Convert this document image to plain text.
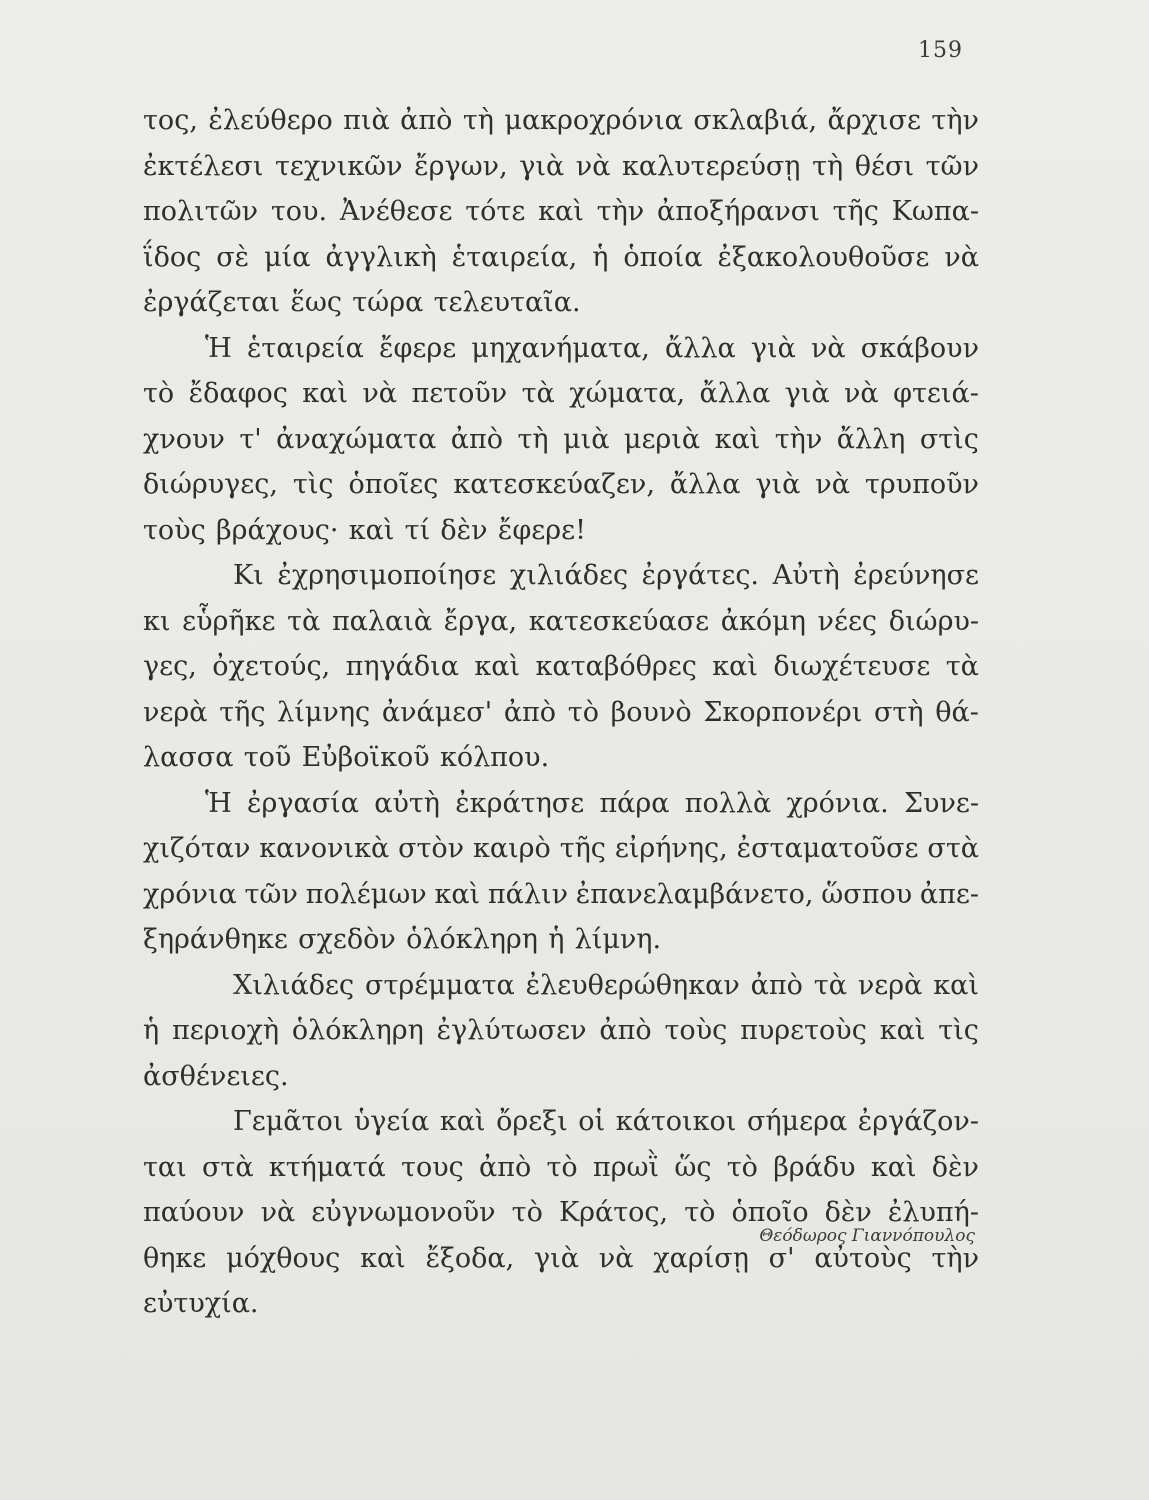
159
τος, ἐλεύθερο πιὰ ἀπὸ τὴ μακροχρόνια σκλαβιά, ἄρχισε τὴν
ἐκτέλεσι τεχνικῶν ἔργων, γιὰ νὰ καλυτερεύσῃ τὴ θέσι τῶν
πολιτῶν του. Ἀνέθεσε τότε καὶ τὴν ἀποξήρανσι τῆς Κωπα-
ΐδος σὲ μία ἀγγλικὴ ἑταιρεία, ἡ ὁποία ἐξακολουθοῦσε νὰ
ἐργάζεται ἕως τώρα τελευταῖα.
Ἡ ἑταιρεία ἔφερε μηχανήματα, ἄλλα γιὰ νὰ σκάβουν
τὸ ἔδαφος καὶ νὰ πετοῦν τὰ χώματα, ἄλλα γιὰ νὰ φτειά-
χνουν τ' ἀναχώματα ἀπὸ τὴ μιὰ μεριὰ καὶ τὴν ἄλλη στὶς
διώρυγες, τὶς ὁποῖες κατεσκεύαζεν, ἄλλα γιὰ νὰ τρυποῦν
τοὺς βράχους· καὶ τί δὲν ἔφερε!
Κι ἐχρησιμοποίησε χιλιάδες ἐργάτες. Αὐτὴ ἐρεύνησε
κι εὗρῆκε τὰ παλαιὰ ἔργα, κατεσκεύασε ἀκόμη νέες διώρυ-
γες, ὀχετούς, πηγάδια καὶ καταβόθρες καὶ διωχέτευσε τὰ
νερὰ τῆς λίμνης ἀνάμεσ' ἀπὸ τὸ βουνὸ Σκορπονέρι στὴ θά-
λασσα τοῦ Εὐβοϊκοῦ κόλπου.
Ἡ ἐργασία αὐτὴ ἐκράτησε πάρα πολλὰ χρόνια. Συνε-
χιζόταν κανονικὰ στὸν καιρὸ τῆς εἰρήνης, ἐσταματοῦσε στὰ
χρόνια τῶν πολέμων καὶ πάλιν ἐπανελαμβάνετο, ὥσπου ἀπε-
ξηράνθηκε σχεδὸν ὁλόκληρη ἡ λίμνη.
Χιλιάδες στρέμματα ἐλευθερώθηκαν ἀπὸ τὰ νερὰ καὶ
ἡ περιοχὴ ὁλόκληρη ἐγλύτωσεν ἀπὸ τοὺς πυρετοὺς καὶ τὶς
ἀσθένειες.
Γεμᾶτοι ὑγεία καὶ ὄρεξι οἱ κάτοικοι σήμερα ἐργάζον-
ται στὰ κτήματά τους ἀπὸ τὸ πρωῒ ὥς τὸ βράδυ καὶ δὲν
παύουν νὰ εὐγνωμονοῦν τὸ Κράτος, τὸ ὁποῖο δὲν ἐλυπή-
θηκε μόχθους καὶ ἔξοδα, γιὰ νὰ χαρίσῃ σ' αὐτοὺς τὴν
εὐτυχία.
Θεόδωρος Γιαννόπουλος
